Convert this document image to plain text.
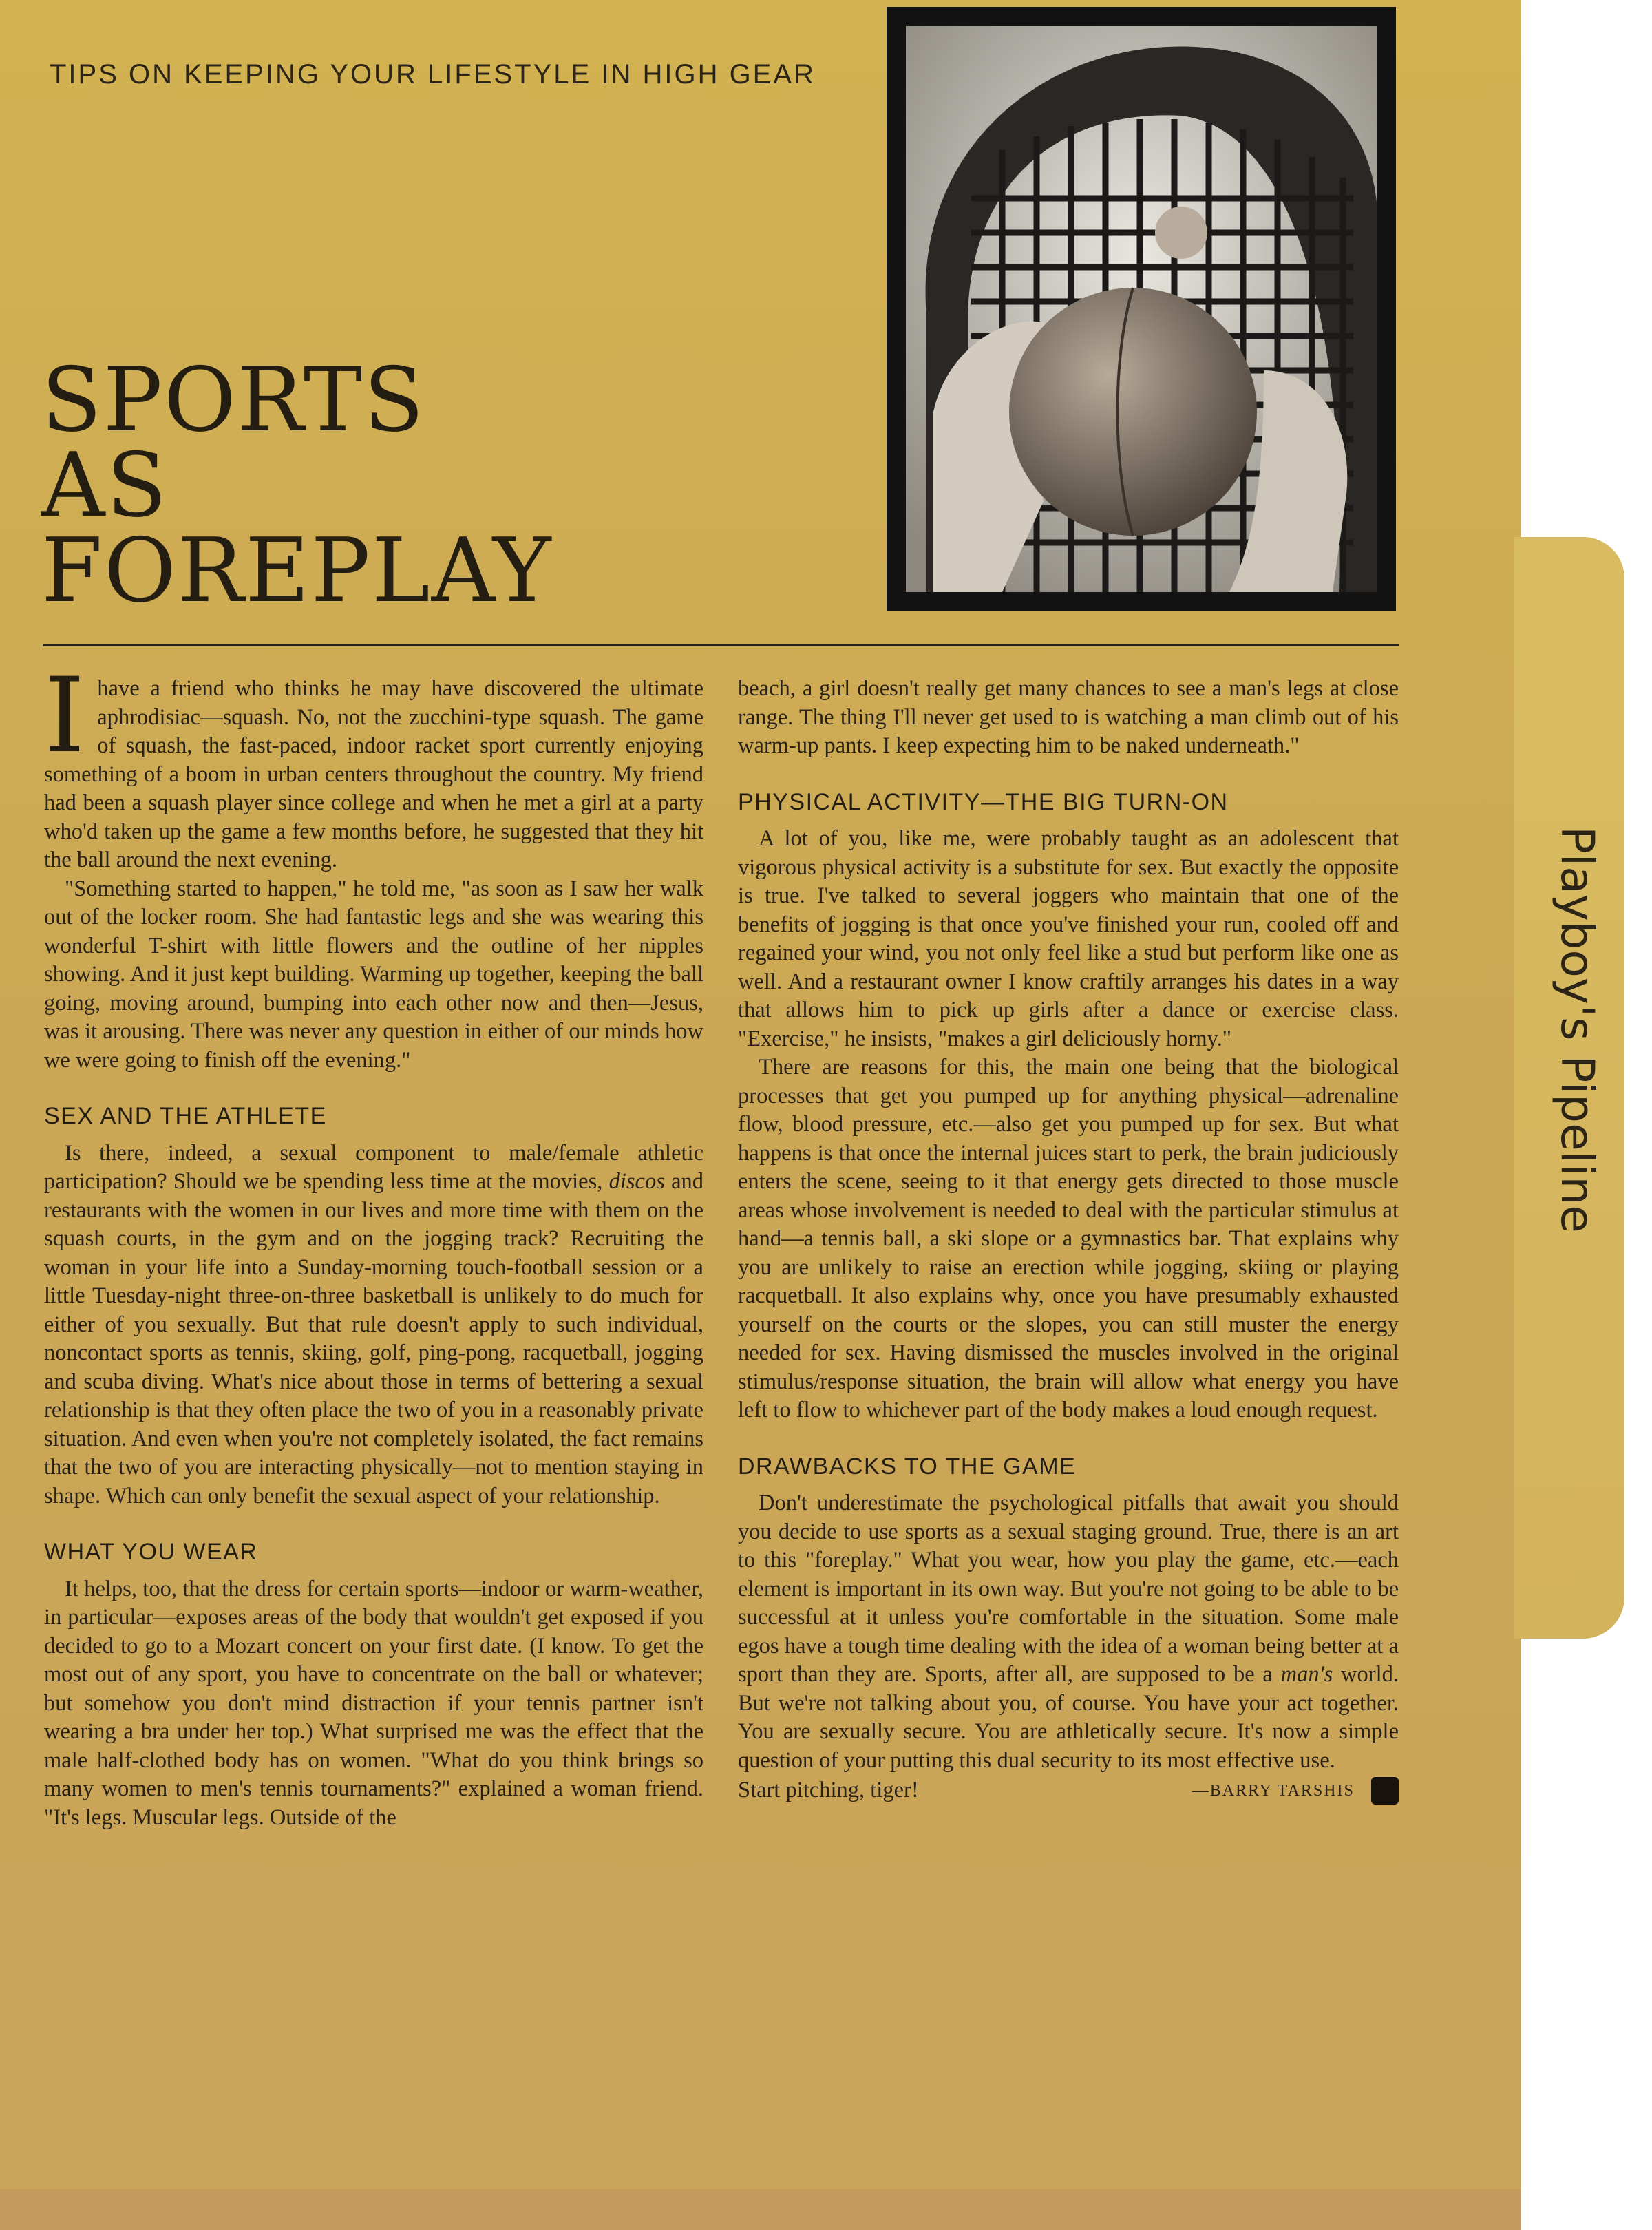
TIPS ON KEEPING YOUR LIFESTYLE IN HIGH GEAR
SPORTS
AS
FOREPLAY

Ihave a friend who thinks he may have discovered the ultimate aphrodisiac—squash. No, not the zucchini-type squash. The game of squash, the fast-paced, indoor racket sport currently enjoying something of a boom in urban centers throughout the country. My friend had been a squash player since college and when he met a girl at a party who'd taken up the game a few months before, he suggested that they hit the ball around the next evening.

"Something started to happen," he told me, "as soon as I saw her walk out of the locker room. She had fantastic legs and she was wearing this wonderful T-shirt with little flowers and the outline of her nipples showing. And it just kept building. Warming up together, keeping the ball going, moving around, bumping into each other now and then—Jesus, was it arousing. There was never any question in either of our minds how we were going to finish off the evening."

SEX AND THE ATHLETE

Is there, indeed, a sexual component to male/female athletic participation? Should we be spending less time at the movies, discos and restaurants with the women in our lives and more time with them on the squash courts, in the gym and on the jogging track? Recruiting the woman in your life into a Sunday-morning touch-football session or a little Tuesday-night three-on-three basketball is unlikely to do much for either of you sexually. But that rule doesn't apply to such individual, noncontact sports as tennis, skiing, golf, ping-pong, racquetball, jogging and scuba diving. What's nice about those in terms of bettering a sexual relationship is that they often place the two of you in a reasonably private situation. And even when you're not completely isolated, the fact remains that the two of you are interacting physically—not to mention staying in shape. Which can only benefit the sexual aspect of your relationship.

WHAT YOU WEAR

It helps, too, that the dress for certain sports—indoor or warm-weather, in particular—exposes areas of the body that wouldn't get exposed if you decided to go to a Mozart concert on your first date. (I know. To get the most out of any sport, you have to concentrate on the ball or whatever; but somehow you don't mind distraction if your tennis partner isn't wearing a bra under her top.) What surprised me was the effect that the male half-clothed body has on women. "What do you think brings so many women to men's tennis tournaments?" explained a woman friend. "It's legs. Muscular legs. Outside of the

beach, a girl doesn't really get many chances to see a man's legs at close range. The thing I'll never get used to is watching a man climb out of his warm-up pants. I keep expecting him to be naked underneath."

PHYSICAL ACTIVITY—THE BIG TURN-ON

A lot of you, like me, were probably taught as an adolescent that vigorous physical activity is a substitute for sex. But exactly the opposite is true. I've talked to several joggers who maintain that one of the benefits of jogging is that once you've finished your run, cooled off and regained your wind, you not only feel like a stud but perform like one as well. And a restaurant owner I know craftily arranges his dates in a way that allows him to pick up girls after a dance or exercise class. "Exercise," he insists, "makes a girl deliciously horny."

There are reasons for this, the main one being that the biological processes that get you pumped up for anything physical—adrenaline flow, blood pressure, etc.—also get you pumped up for sex. But what happens is that once the internal juices start to perk, the brain judiciously enters the scene, seeing to it that energy gets directed to those muscle areas whose involvement is needed to deal with the particular stimulus at hand—a tennis ball, a ski slope or a gymnastics bar. That explains why you are unlikely to raise an erection while jogging, skiing or playing racquetball. It also explains why, once you have presumably exhausted yourself on the courts or the slopes, you can still muster the energy needed for sex. Having dismissed the muscles involved in the original stimulus/response situation, the brain will allow what energy you have left to flow to whichever part of the body makes a loud enough request.

DRAWBACKS TO THE GAME

Don't underestimate the psychological pitfalls that await you should you decide to use sports as a sexual staging ground. True, there is an art to this "foreplay." What you wear, how you play the game, etc.—each element is important in its own way. But you're not going to be able to be successful at it unless you're comfortable in the situation. Some male egos have a tough time dealing with the idea of a woman being better at a sport than they are. Sports, after all, are supposed to be a man's world. But we're not talking about you, of course. You have your act together. You are sexually secure. You are athletically secure. It's now a simple question of your putting this dual security to its most effective use.

Start pitching, tiger!	—BARRY TARSHIS
Playboy's Pipeline
